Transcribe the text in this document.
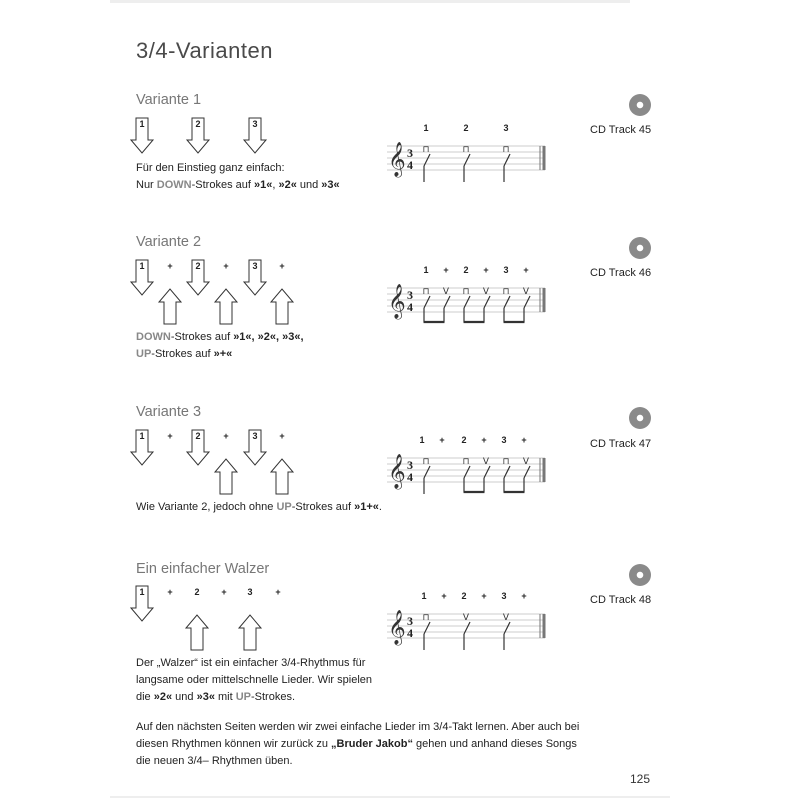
3/4-Varianten
Variante 1
CD Track 45
1	2	3
Für den Einstieg ganz einfach:
Nur DOWN-Strokes auf »1«, »2« und »3«
𝄞 3
4
1	2	3
⊓	⊓	⊓
Variante 2
CD Track 46
1	+	2	+	3 +
DOWN-Strokes auf »1«, »2«, »3«,
UP-Strokes auf »+«
𝄞 3
4
1 + 2 + 3 +
⊓ V ⊓ V ⊓ V
Variante 3
CD Track 47
1	+	2	+	3 +
Wie Variante 2, jedoch ohne UP-Strokes auf »1+«.
𝄞 3
4
1 + 2 + 3 +
⊓	⊓ V ⊓ V
Ein einfacher Walzer
CD Track 48
1	+ 2 + 3	+
Der „Walzer“ ist ein einfacher 3/4-Rhythmus für
langsame oder mittelschnelle Lieder. Wir spielen
die »2« und »3« mit UP-Strokes.
𝄞 3
4
1 + 2 + 3 +
⊓	V	V
Auf den nächsten Seiten werden wir zwei einfache Lieder im 3/4-Takt lernen. Aber auch bei
diesen Rhythmen können wir zurück zu „Bruder Jakob“ gehen und anhand dieses Songs
die neuen 3/4– Rhythmen üben.
125
